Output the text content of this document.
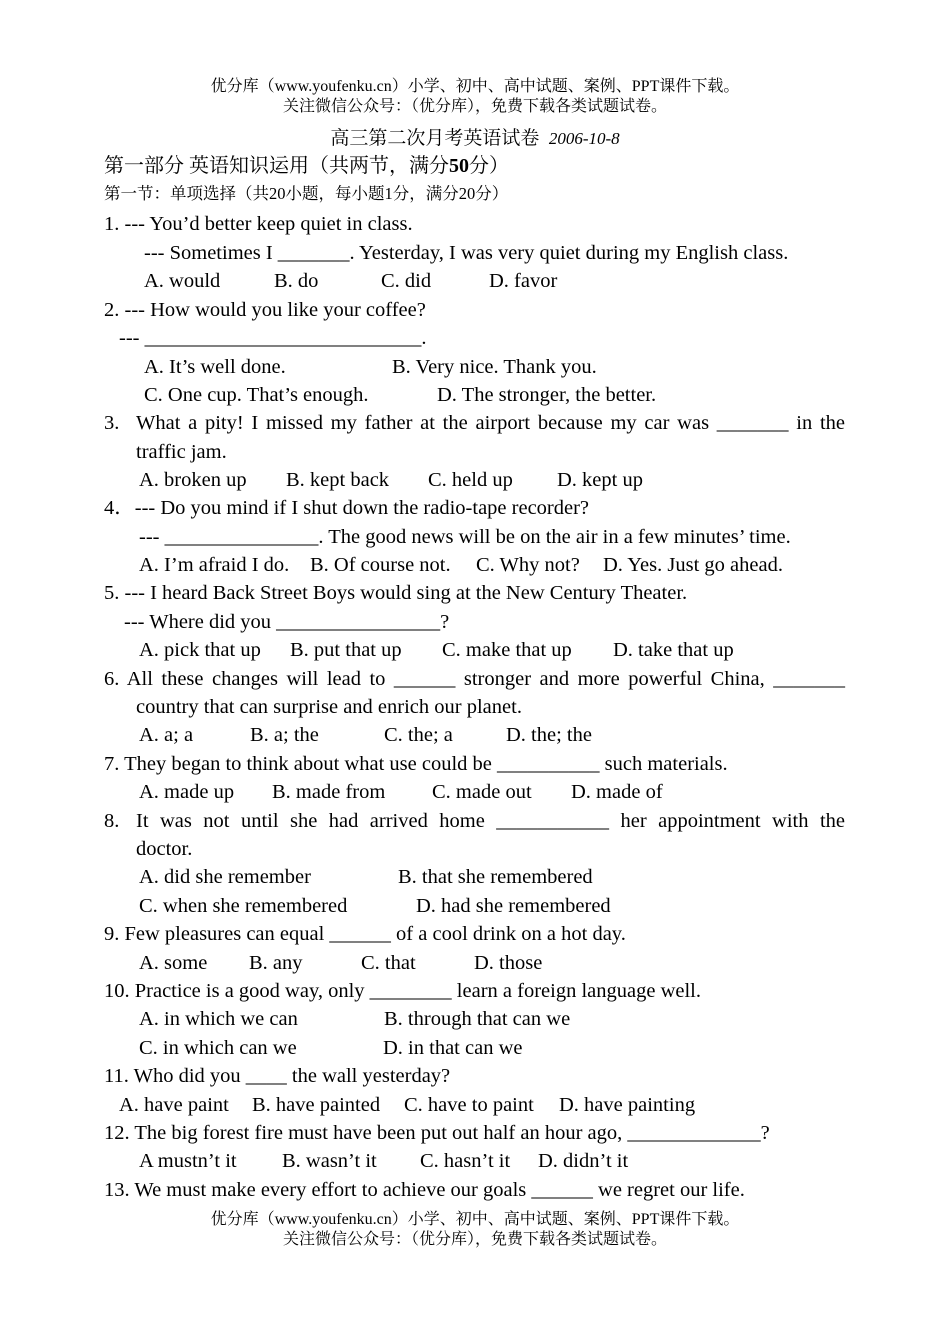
优分库（www.youfenku.cn）小学、初中、高中试题、案例、PPT课件下载。
关注微信公众号：（优分库），免费下载各类试题试卷。
高三第二次月考英语试卷 2006-10-8
第一部分 英语知识运用（共两节，满分50分）
第一节：单项选择（共20小题，每小题1分，满分20分）
1. --- You’d better keep quiet in class.
--- Sometimes I _______. Yesterday, I was very quiet during my English class.
A. would	B. do	C. did	D. favor
2. --- How would you like your coffee?
--- ___________________________.
A. It’s well done.	B. Very nice. Thank you.
C. One cup. That’s enough.	D. The stronger, the better.
3. What a pity! I missed my father at the airport because my car was _______ in the
traffic jam.
A. broken up B. kept back C. held up D. kept up
4．--- Do you mind if I shut down the radio-tape recorder?
--- _______________. The good news will be on the air in a few minutes’ time.
A. I’m afraid I do. B. Of course not. C. Why not? D. Yes. Just go ahead.
5. --- I heard Back Street Boys would sing at the New Century Theater.
--- Where did you ________________?
A. pick that up B. put that up C. make that up D. take that up
6. All these changes will lead to ______ stronger and more powerful China, _______
country that can surprise and enrich our planet.
A. a; a	B. a; the	C. the; a	D. the; the
7. They began to think about what use could be __________ such materials.
A. made up B. made from C. made out D. made of
8. It was not until she had arrived home ___________ her appointment with the
doctor.
A. did she remember	B. that she remembered
C. when she remembered	D. had she remembered
9. Few pleasures can equal ______ of a cool drink on a hot day.
A. some B. any	C. that	D. those
10. Practice is a good way, only ________ learn a foreign language well.
A. in which we can	B. through that can we
C. in which can we	D. in that can we
11. Who did you ____ the wall yesterday?
A. have paint B. have painted C. have to paint D. have painting
12. The big forest fire must have been put out half an hour ago, _____________?
A mustn’t it B. wasn’t it C. hasn’t it D. didn’t it
13. We must make every effort to achieve our goals ______ we regret our life.
优分库（www.youfenku.cn）小学、初中、高中试题、案例、PPT课件下载。
关注微信公众号：（优分库），免费下载各类试题试卷。
